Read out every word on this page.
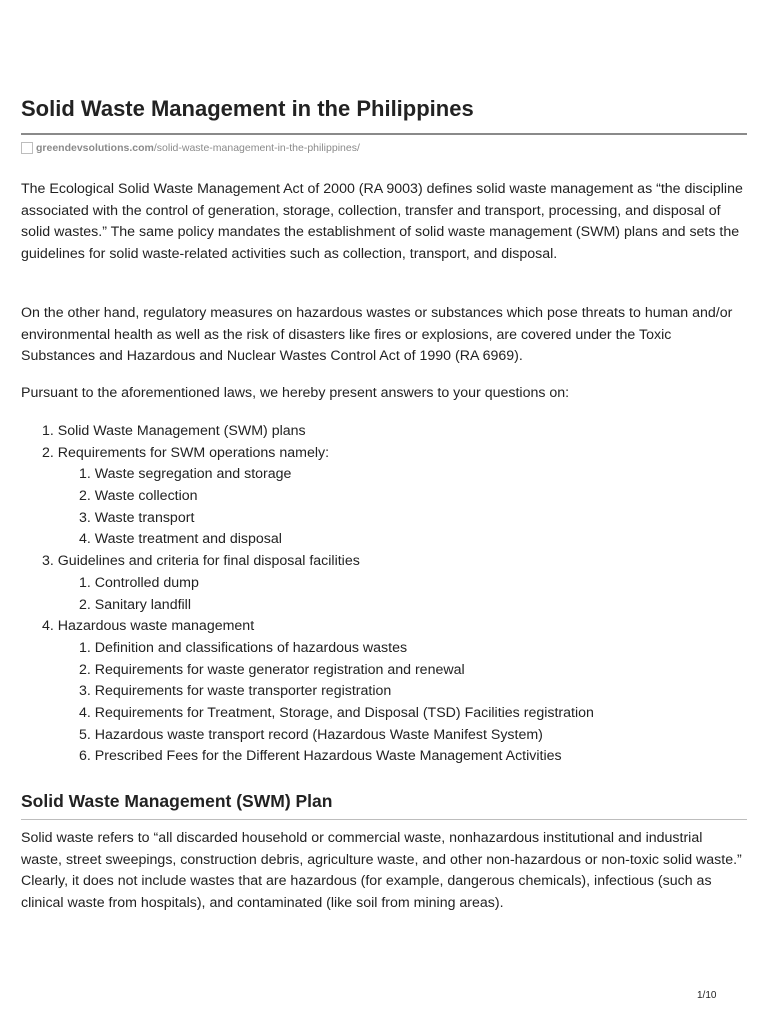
Solid Waste Management in the Philippines
greendevsolutions.com /solid-waste-management-in-the-philippines/

The Ecological Solid Waste Management Act of 2000 (RA 9003) defines solid waste management as “the discipline associated with the control of generation, storage, collection, transfer and transport, processing, and disposal of solid wastes.” The same policy mandates the establishment of solid waste management (SWM) plans and sets the guidelines for solid waste-related activities such as collection, transport, and disposal.

On the other hand, regulatory measures on hazardous wastes or substances which pose threats to human and/or environmental health as well as the risk of disasters like fires or explosions, are covered under the Toxic Substances and Hazardous and Nuclear Wastes Control Act of 1990 (RA 6969).

Pursuant to the aforementioned laws, we hereby present answers to your questions on:

1. Solid Waste Management (SWM) plans
2. Requirements for SWM operations namely:
1. Waste segregation and storage
2. Waste collection
3. Waste transport
4. Waste treatment and disposal
3. Guidelines and criteria for final disposal facilities
1. Controlled dump
2. Sanitary landfill
4. Hazardous waste management
1. Definition and classifications of hazardous wastes
2. Requirements for waste generator registration and renewal
3. Requirements for waste transporter registration
4. Requirements for Treatment, Storage, and Disposal (TSD) Facilities registration
5. Hazardous waste transport record (Hazardous Waste Manifest System)
6. Prescribed Fees for the Different Hazardous Waste Management Activities
Solid Waste Management (SWM) Plan

Solid waste refers to “all discarded household or commercial waste, nonhazardous institutional and industrial waste, street sweepings, construction debris, agriculture waste, and other non-hazardous or non-toxic solid waste.” Clearly, it does not include wastes that are hazardous (for example, dangerous chemicals), infectious (such as clinical waste from hospitals), and contaminated (like soil from mining areas).

1/10
